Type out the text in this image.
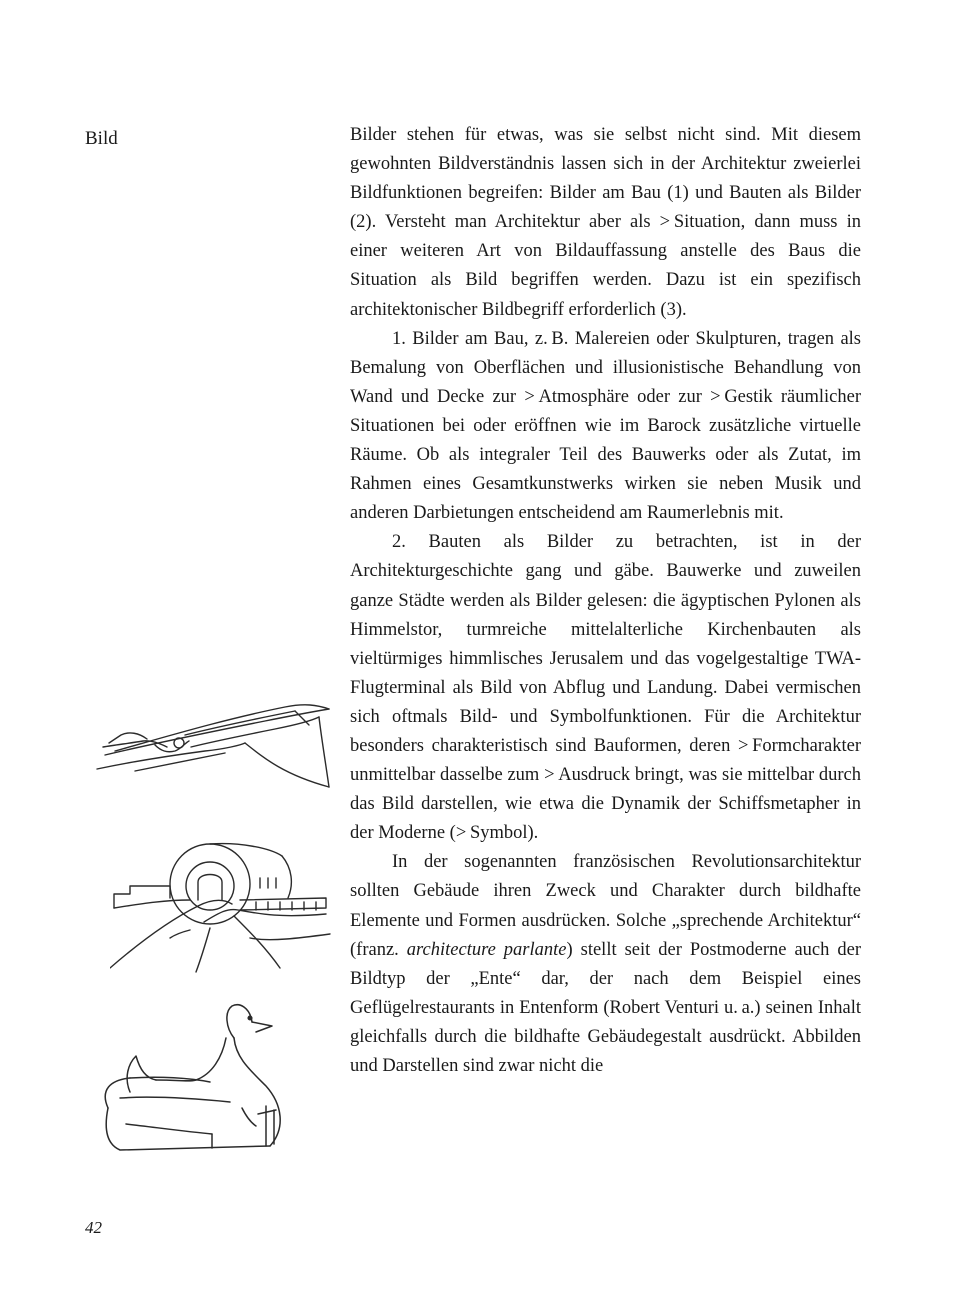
Bild	Bilder stehen für etwas, was sie selbst nicht sind. Mit diesem gewohnten Bildverständnis lassen sich in der Architektur zweierlei Bildfunktionen begreifen: Bilder am Bau (1) und Bauten als Bilder (2). Versteht man Architektur aber als > Situation, dann muss in einer weiteren Art von Bildauffassung anstelle des Baus die Situation als Bild begriffen werden. Dazu ist ein spezifisch architektonischer Bildbegriff erforderlich (3).

1. Bilder am Bau, z. B. Malereien oder Skulpturen, tragen als Bemalung von Oberflächen und illusionistische Behandlung von Wand und Decke zur > Atmosphäre oder zur > Gestik räumlicher Situationen bei oder eröffnen wie im Barock zusätzliche virtuelle Räume. Ob als integraler Teil des Bauwerks oder als Zutat, im Rahmen eines Gesamtkunstwerks wirken sie neben Musik und anderen Darbietungen entscheidend am Raumerlebnis mit.

2. Bauten als Bilder zu betrachten, ist in der Architekturgeschichte gang und gäbe. Bauwerke und zuweilen ganze Städte werden als Bilder gelesen: die ägyptischen Pylonen als Himmelstor, turmreiche mittelalterliche Kirchenbauten als vieltürmiges himmlisches Jerusalem und das vogelgestaltige TWA-Flugterminal als Bild von Abflug und Landung. Dabei vermischen sich oftmals Bild- und Symbolfunktionen. Für die Architektur besonders charakteristisch sind Bauformen, deren > Formcharakter unmittelbar dasselbe zum > Ausdruck bringt, was sie mittelbar durch das Bild darstellen, wie etwa die Dynamik der Schiffsmetapher in der Moderne (> Symbol).

In der sogenannten französischen Revolutionsarchitektur sollten Gebäude ihren Zweck und Charakter durch bildhafte Elemente und Formen ausdrücken. Solche „sprechende Architektur“ (franz. architecture parlante) stellt seit der Postmoderne auch der Bildtyp der „Ente“ dar, der nach dem Beispiel eines Geflügelrestaurants in Entenform (Robert Venturi u. a.) seinen Inhalt gleichfalls durch die bildhafte Gebäudegestalt ausdrückt. Abbilden und Darstellen sind zwar nicht die

42
